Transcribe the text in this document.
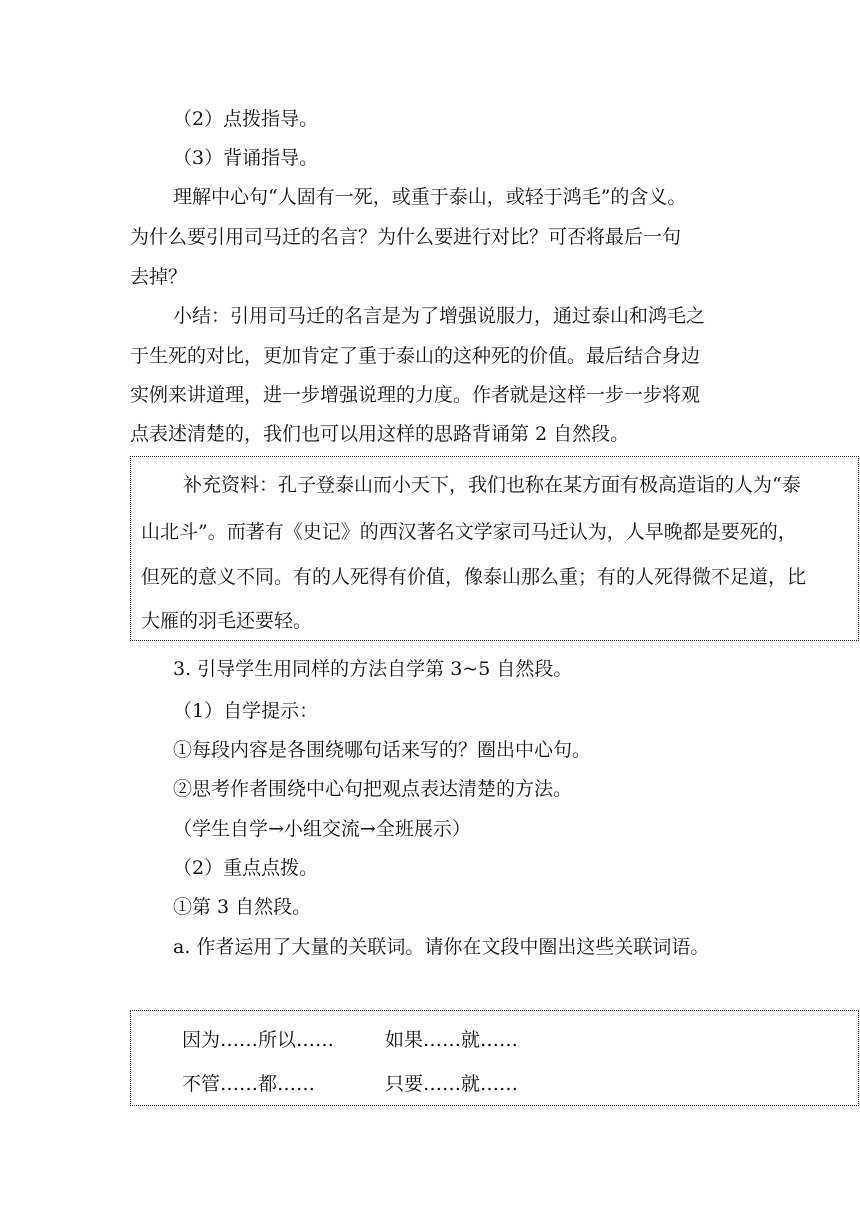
（2）点拨指导。
（3）背诵指导。
理解中心句“人固有一死，或重于泰山，或轻于鸿毛”的含义。
为什么要引用司马迁的名言？为什么要进行对比？可否将最后一句
去掉？
小结：引用司马迁的名言是为了增强说服力，通过泰山和鸿毛之
于生死的对比，更加肯定了重于泰山的这种死的价值。最后结合身边
实例来讲道理，进一步增强说理的力度。作者就是这样一步一步将观
点表述清楚的，我们也可以用这样的思路背诵第 2 自然段。
补充资料：孔子登泰山而小天下，我们也称在某方面有极高造诣的人为“泰
山北斗”。而著有《史记》的西汉著名文学家司马迁认为，人早晚都是要死的，
但死的意义不同。有的人死得有价值，像泰山那么重；有的人死得微不足道，比
大雁的羽毛还要轻。
3. 引导学生用同样的方法自学第 3~5 自然段。
（1）自学提示：
①每段内容是各围绕哪句话来写的？圈出中心句。
②思考作者围绕中心句把观点表达清楚的方法。
（学生自学→小组交流→全班展示）
（2）重点点拨。
①第 3 自然段。
a. 作者运用了大量的关联词。请你在文段中圈出这些关联词语。
因为……所以……	如果……就……
不管……都……	只要……就……
